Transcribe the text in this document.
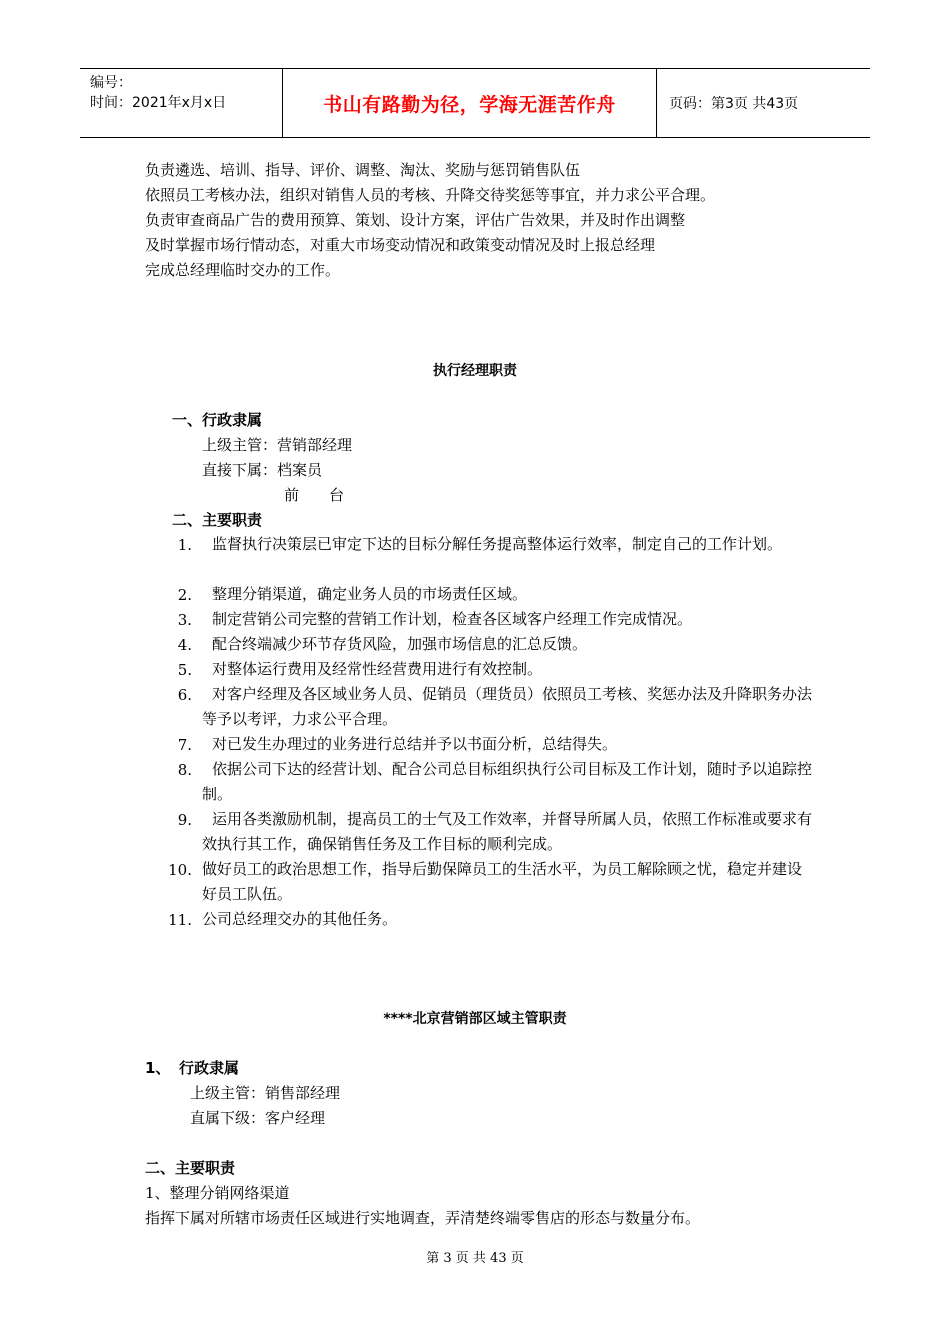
编号：
时间：2021年x月x日	书山有路勤为径，学海无涯苦作舟	页码：第3页 共43页
负责遴选、培训、指导、评价、调整、淘汰、奖励与惩罚销售队伍
依照员工考核办法，组织对销售人员的考核、升降交待奖惩等事宜，并力求公平合理。
负责审查商品广告的费用预算、策划、设计方案，评估广告效果，并及时作出调整
及时掌握市场行情动态，对重大市场变动情况和政策变动情况及时上报总经理
完成总经理临时交办的工作。
执行经理职责
一、行政隶属
上级主管：营销部经理
直接下属：档案员
前　　台
二、主要职责
1.	监督执行决策层已审定下达的目标分解任务提高整体运行效率，制定自己的工作计划。
2.	整理分销渠道，确定业务人员的市场责任区域。
3.	制定营销公司完整的营销工作计划，检查各区域客户经理工作完成情况。
4.	配合终端减少环节存货风险，加强市场信息的汇总反馈。
5.	对整体运行费用及经常性经营费用进行有效控制。
6.	对客户经理及各区域业务人员、促销员（理货员）依照员工考核、奖惩办法及升降职务办法等予以考评，力求公平合理。
7.	对已发生办理过的业务进行总结并予以书面分析，总结得失。
8.	依据公司下达的经营计划、配合公司总目标组织执行公司目标及工作计划，随时予以追踪控制。
9.	运用各类激励机制，提高员工的士气及工作效率，并督导所属人员，依照工作标准或要求有效执行其工作，确保销售任务及工作目标的顺利完成。
10. 做好员工的政治思想工作，指导后勤保障员工的生活水平，为员工解除顾之忧，稳定并建设好员工队伍。
11. 公司总经理交办的其他任务。
****北京营销部区域主管职责
1、 行政隶属
上级主管：销售部经理
直属下级：客户经理
二、主要职责
1、整理分销网络渠道
指挥下属对所辖市场责任区域进行实地调查，弄清楚终端零售店的形态与数量分布。
第 3 页 共 43 页
